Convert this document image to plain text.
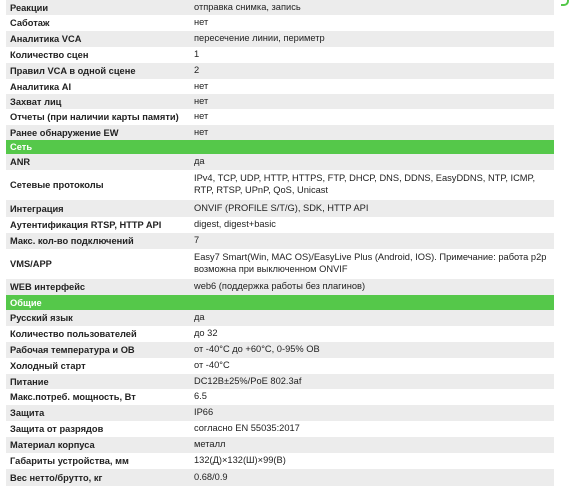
Реакции	отправка снимка, запись
Саботаж	нет
Аналитика VCA	пересечение линии, периметр
Количество сцен	1
Правил VCA в одной сцене	2
Аналитика AI	нет
Захват лиц	нет
Отчеты (при наличии карты памяти)	нет
Ранее обнаружение EW	нет
Сеть	
ANR	да
Сетевые протоколы	IPv4, TCP, UDP, HTTP, HTTPS, FTP, DHCP, DNS, DDNS, EasyDDNS, NTP, ICMP, RTP, RTSP, UPnP, QoS, Unicast
Интеграция	ONVIF (PROFILE S/T/G), SDK, HTTP API
Аутентификация RTSP, HTTP API	digest, digest+basic
Макс. кол-во подключений	7
VMS/APP	Easy7 Smart(Win, MAC OS)/EasyLive Plus (Android, IOS). Примечание: работа p2p возможна при выключенном ONVIF
WEB интерфейс	web6 (поддержка работы без плагинов)
Общие	
Русский язык	да
Количество пользователей	до 32
Рабочая температура и ОВ	от -40°C до +60°C, 0-95% ОВ
Холодный старт	от -40°C
Питание	DC12В±25%/PoE 802.3af
Макс.потреб. мощность, Вт	6.5
Защита	IP66
Защита от разрядов	согласно EN 55035:2017
Материал корпуса	металл
Габариты устройства, мм	132(Д)×132(Ш)×99(В)
Вес нетто/брутто, кг	0.68/0.9
